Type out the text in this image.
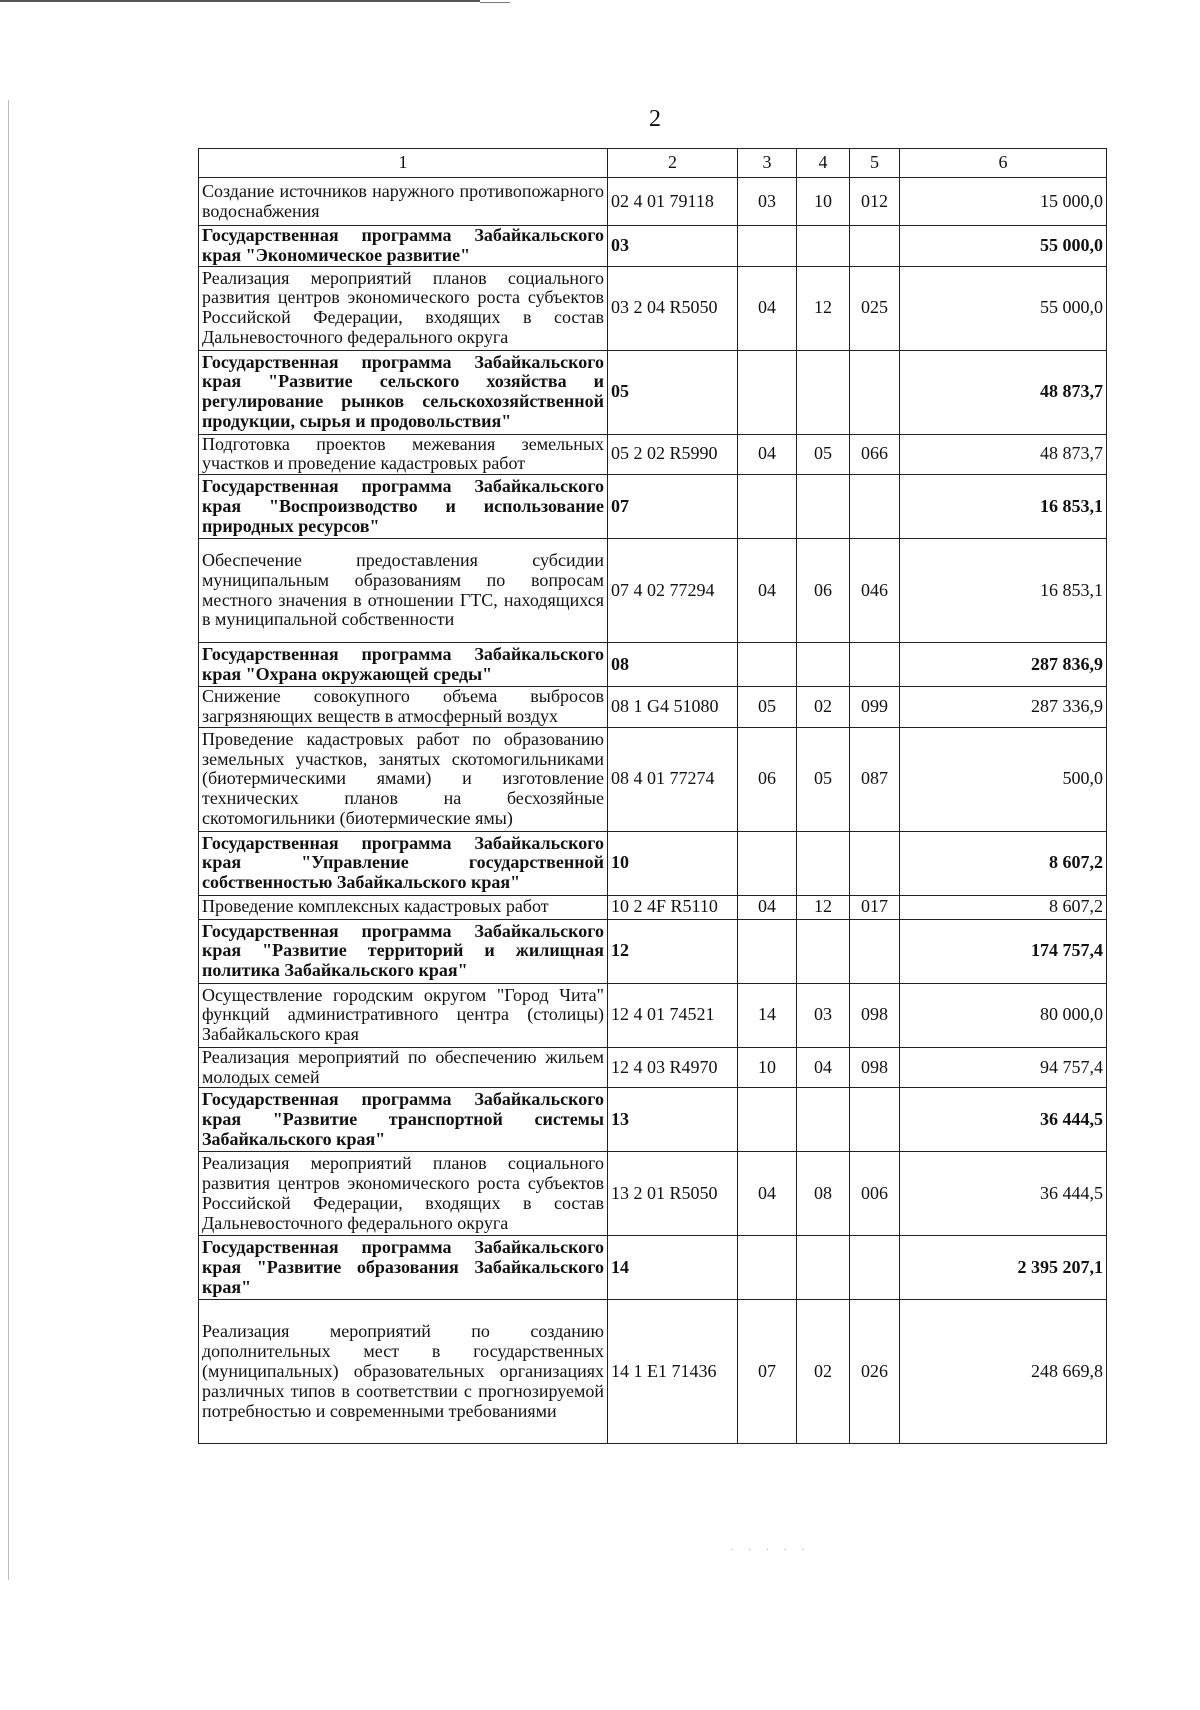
2
1	2	3	4	5	6
Создание источников наружного противопожарного водоснабжения	02 4 01 79118	03	10	012	15 000,0
Государственная программа Забайкальского края "Экономическое развитие"	03				55 000,0
Реализация мероприятий планов социального развития центров экономического роста субъектов Российской Федерации, входящих в состав Дальневосточного федерального округа	03 2 04 R5050	04	12	025	55 000,0
Государственная программа Забайкальского края "Развитие сельского хозяйства и регулирование рынков сельскохозяйственной продукции, сырья и продовольствия"	05				48 873,7
Подготовка проектов межевания земельных участков и проведение кадастровых работ	05 2 02 R5990	04	05	066	48 873,7
Государственная программа Забайкальского края "Воспроизводство и использование природных ресурсов"	07				16 853,1
Обеспечение предоставления субсидии муниципальным образованиям по вопросам местного значения в отношении ГТС, находящихся в муниципальной собственности	07 4 02 77294	04	06	046	16 853,1
Государственная программа Забайкальского края "Охрана окружающей среды"	08				287 836,9
Снижение совокупного объема выбросов загрязняющих веществ в атмосферный воздух	08 1 G4 51080	05	02	099	287 336,9
Проведение кадастровых работ по образованию земельных участков, занятых скотомогильниками (биотермическими ямами) и изготовление технических планов на бесхозяйные скотомогильники (биотермические ямы)	08 4 01 77274	06	05	087	500,0
Государственная программа Забайкальского края "Управление государственной собственностью Забайкальского края"	10				8 607,2
Проведение комплексных кадастровых работ	10 2 4F R5110	04	12	017	8 607,2
Государственная программа Забайкальского края "Развитие территорий и жилищная политика Забайкальского края"	12				174 757,4
Осуществление городским округом "Город Чита" функций административного центра (столицы) Забайкальского края	12 4 01 74521	14	03	098	80 000,0
Реализация мероприятий по обеспечению жильем молодых семей	12 4 03 R4970	10	04	098	94 757,4
Государственная программа Забайкальского края "Развитие транспортной системы Забайкальского края"	13				36 444,5
Реализация мероприятий планов социального развития центров экономического роста субъектов Российской Федерации, входящих в состав Дальневосточного федерального округа	13 2 01 R5050	04	08	006	36 444,5
Государственная программа Забайкальского края "Развитие образования Забайкальского края"	14				2 395 207,1
Реализация мероприятий по созданию дополнительных мест в государственных (муниципальных) образовательных организациях различных типов в соответствии с прогнозируемой потребностью и современными требованиями	14 1 E1 71436	07	02	026	248 669,8
· · · · ·
